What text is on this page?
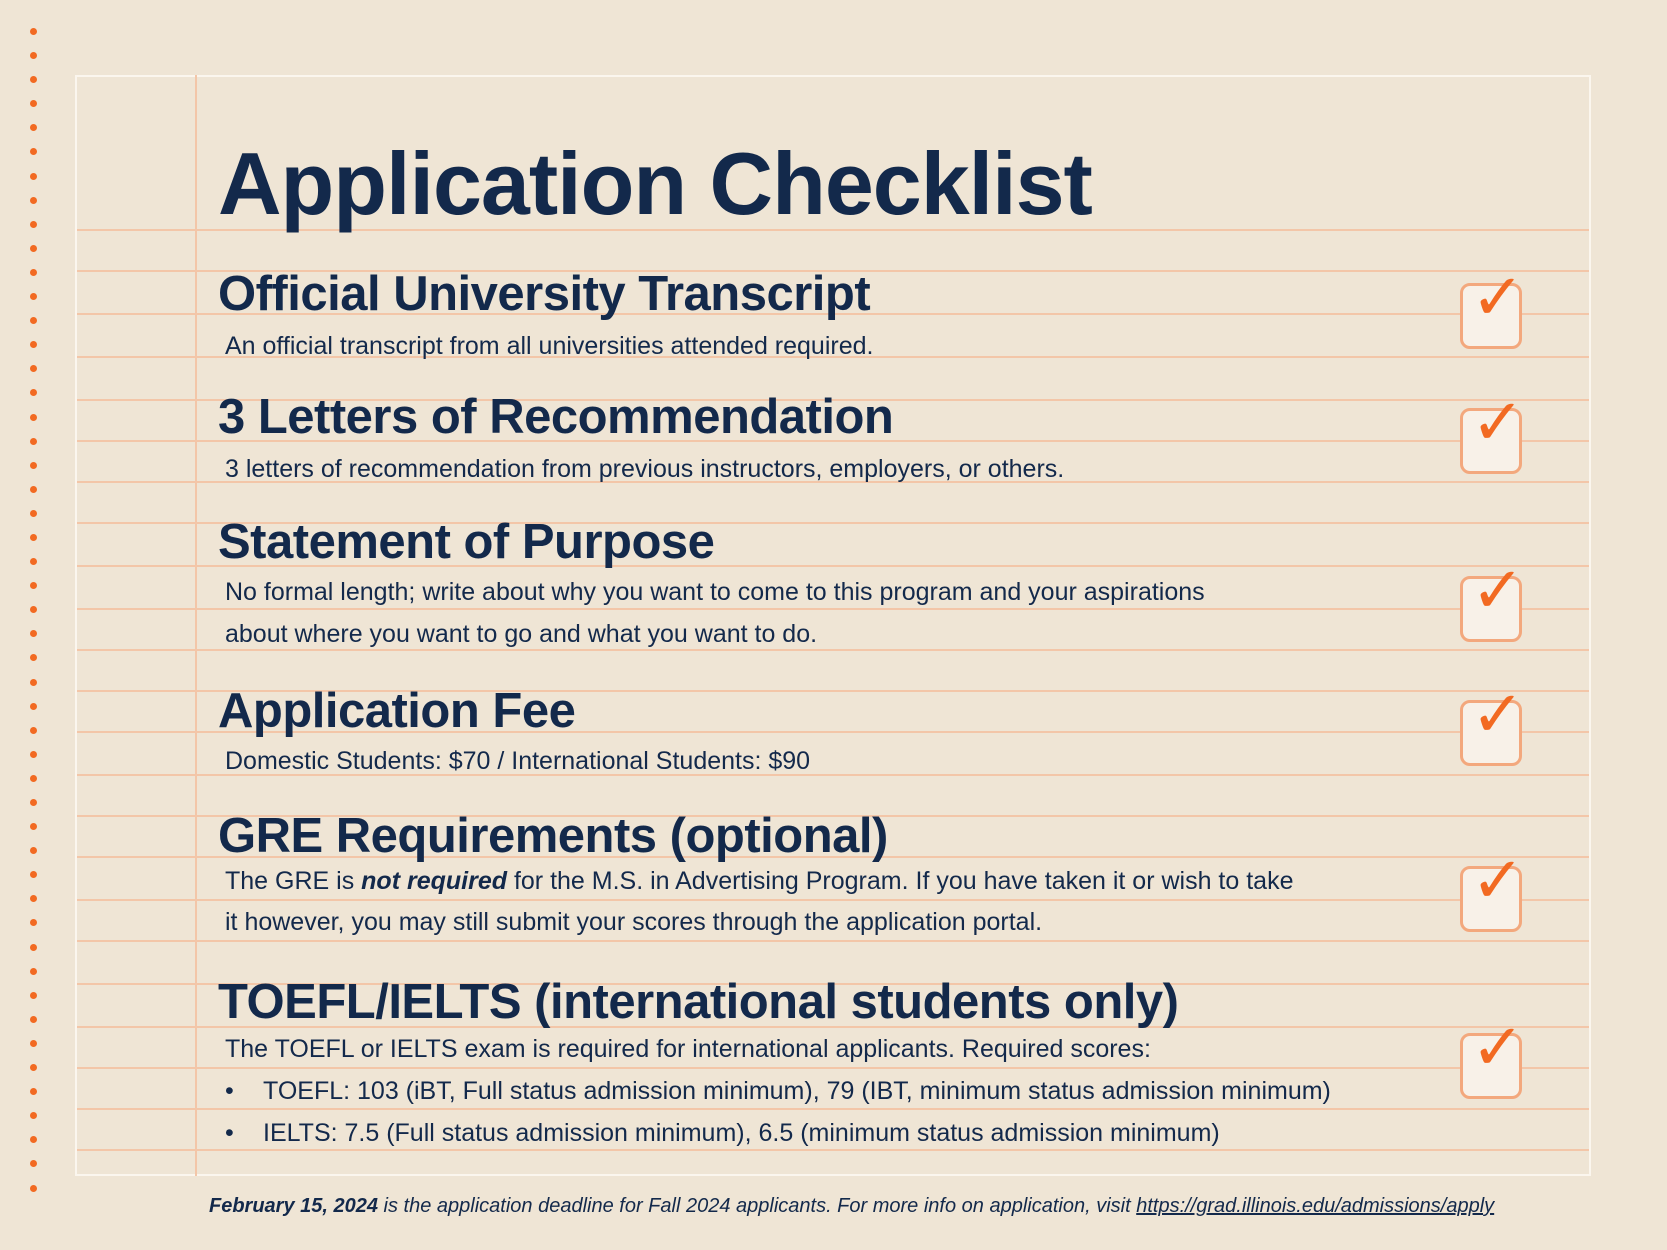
Application Checklist
Official University Transcript

An official transcript from all universities attended required.

✓
3 Letters of Recommendation

3 letters of recommendation from previous instructors, employers, or others.

✓
Statement of Purpose

No formal length; write about why you want to come to this program and your aspirations

about where you want to go and what you want to do.

✓
Application Fee

Domestic Students: $70 / International Students: $90

✓
GRE Requirements (optional)

The GRE is not required for the M.S. in Advertising Program. If you have taken it or wish to take

it however, you may still submit your scores through the application portal.

✓
TOEFL/IELTS (international students only)

The TOEFL or IELTS exam is required for international applicants. Required scores:

• TOEFL: 103 (iBT, Full status admission minimum), 79 (IBT, minimum status admission minimum)
• IELTS: 7.5 (Full status admission minimum), 6.5 (minimum status admission minimum)
✓

February 15, 2024 is the application deadline for Fall 2024 applicants. For more info on application, visit https://grad.illinois.edu/admissions/apply
